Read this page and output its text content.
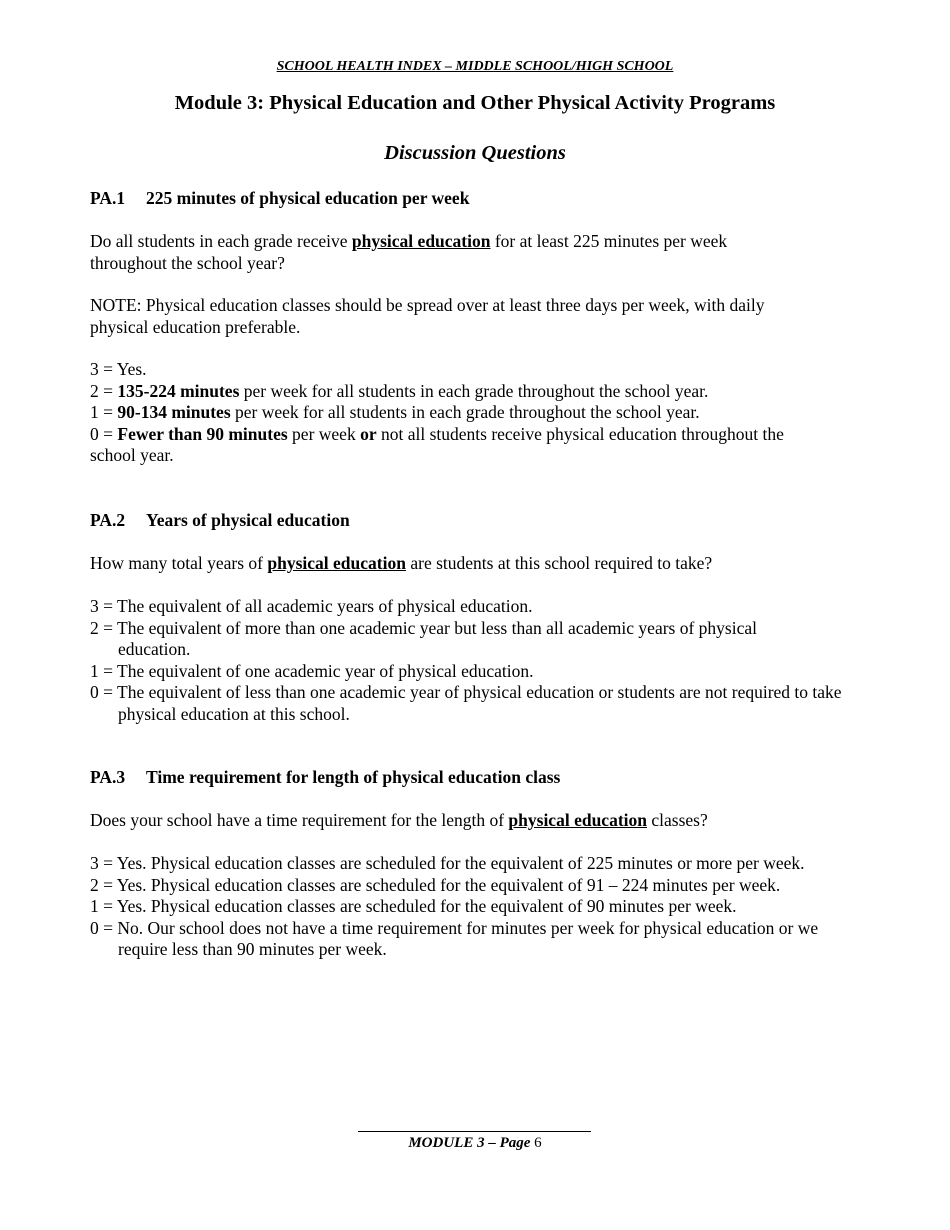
SCHOOL HEALTH INDEX – MIDDLE SCHOOL/HIGH SCHOOL
Module 3: Physical Education and Other Physical Activity Programs
Discussion Questions
PA.1 225 minutes of physical education per week

Do all students in each grade receive physical education for at least 225 minutes per week

throughout the school year?

NOTE: Physical education classes should be spread over at least three days per week, with daily

physical education preferable.

3 = Yes.

2 = 135-224 minutes per week for all students in each grade throughout the school year.

1 = 90-134 minutes per week for all students in each grade throughout the school year.

0 = Fewer than 90 minutes per week or not all students receive physical education throughout the

school year.

PA.2 Years of physical education

How many total years of physical education are students at this school required to take?

3 = The equivalent of all academic years of physical education.

2 = The equivalent of more than one academic year but less than all academic years of physical education.

1 = The equivalent of one academic year of physical education.

0 = The equivalent of less than one academic year of physical education or students are not required to take physical education at this school.

PA.3 Time requirement for length of physical education class

Does your school have a time requirement for the length of physical education classes?

3 = Yes. Physical education classes are scheduled for the equivalent of 225 minutes or more per week.

2 = Yes. Physical education classes are scheduled for the equivalent of 91 – 224 minutes per week.

1 = Yes. Physical education classes are scheduled for the equivalent of 90 minutes per week.

0 = No. Our school does not have a time requirement for minutes per week for physical education or we require less than 90 minutes per week.

MODULE 3 – Page 6
